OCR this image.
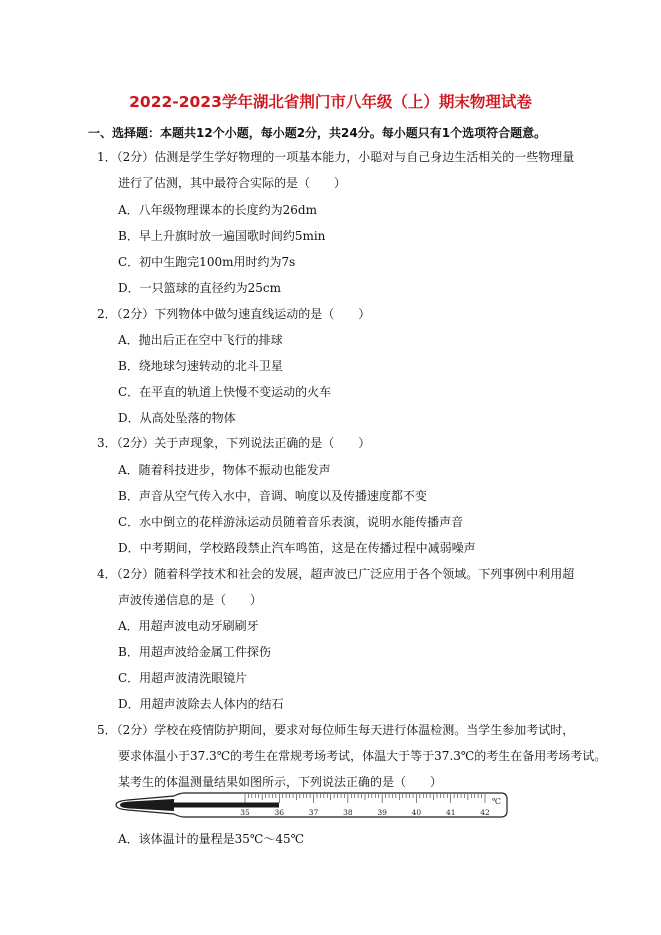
2022-2023学年湖北省荆门市八年级（上）期末物理试卷
一、选择题：本题共12个小题，每小题2分，共24分。每小题只有1个选项符合题意。
1．（2分）估测是学生学好物理的一项基本能力，小聪对与自己身边生活相关的一些物理量
进行了估测，其中最符合实际的是（　　）
A．八年级物理课本的长度约为26dm
B．早上升旗时放一遍国歌时间约5min
C．初中生跑完100m用时约为7s
D．一只篮球的直径约为25cm
2．（2分）下列物体中做匀速直线运动的是（　　）
A．抛出后正在空中飞行的排球
B．绕地球匀速转动的北斗卫星
C．在平直的轨道上快慢不变运动的火车
D．从高处坠落的物体
3．（2分）关于声现象，下列说法正确的是（　　）
A．随着科技进步，物体不振动也能发声
B．声音从空气传入水中，音调、响度以及传播速度都不变
C．水中倒立的花样游泳运动员随着音乐表演，说明水能传播声音
D．中考期间，学校路段禁止汽车鸣笛，这是在传播过程中减弱噪声
4．（2分）随着科学技术和社会的发展，超声波已广泛应用于各个领域。下列事例中利用超
声波传递信息的是（　　）
A．用超声波电动牙刷刷牙
B．用超声波给金属工件探伤
C．用超声波清洗眼镜片
D．用超声波除去人体内的结石
5．（2分）学校在疫情防护期间，要求对每位师生每天进行体温检测。当学生参加考试时，
要求体温小于37.3℃的考生在常规考场考试，体温大于等于37.3℃的考生在备用考场考试。
某考生的体温测量结果如图所示，下列说法正确的是（　　）
35	36	37	38	39	40	41	42
℃
A．该体温计的量程是35℃～45℃
